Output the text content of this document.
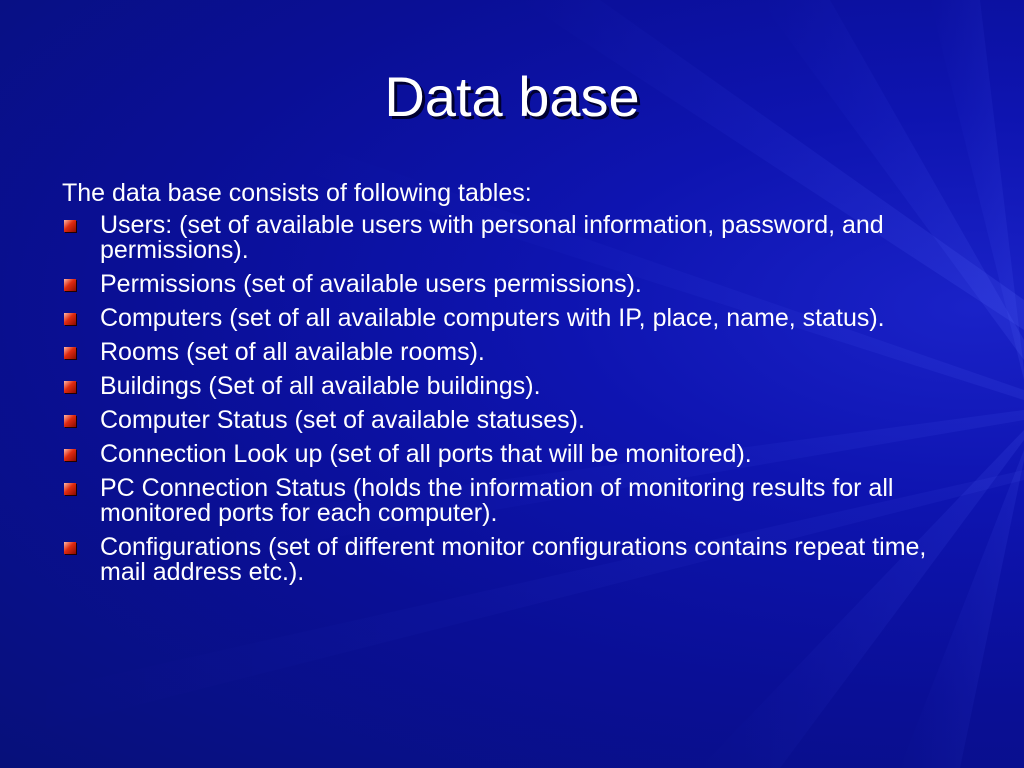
Data base
The data base consists of following tables:
Users: (set of available users with personal information, password, and permissions).
Permissions (set of available users permissions).
Computers (set of all available computers with IP, place, name, status).
Rooms (set of all available rooms).
Buildings (Set of all available buildings).
Computer Status (set of available statuses).
Connection Look up (set of all ports that will be monitored).
PC Connection Status (holds the information of monitoring results for all monitored ports for each computer).
Configurations (set of different monitor configurations contains repeat time, mail address etc.).
